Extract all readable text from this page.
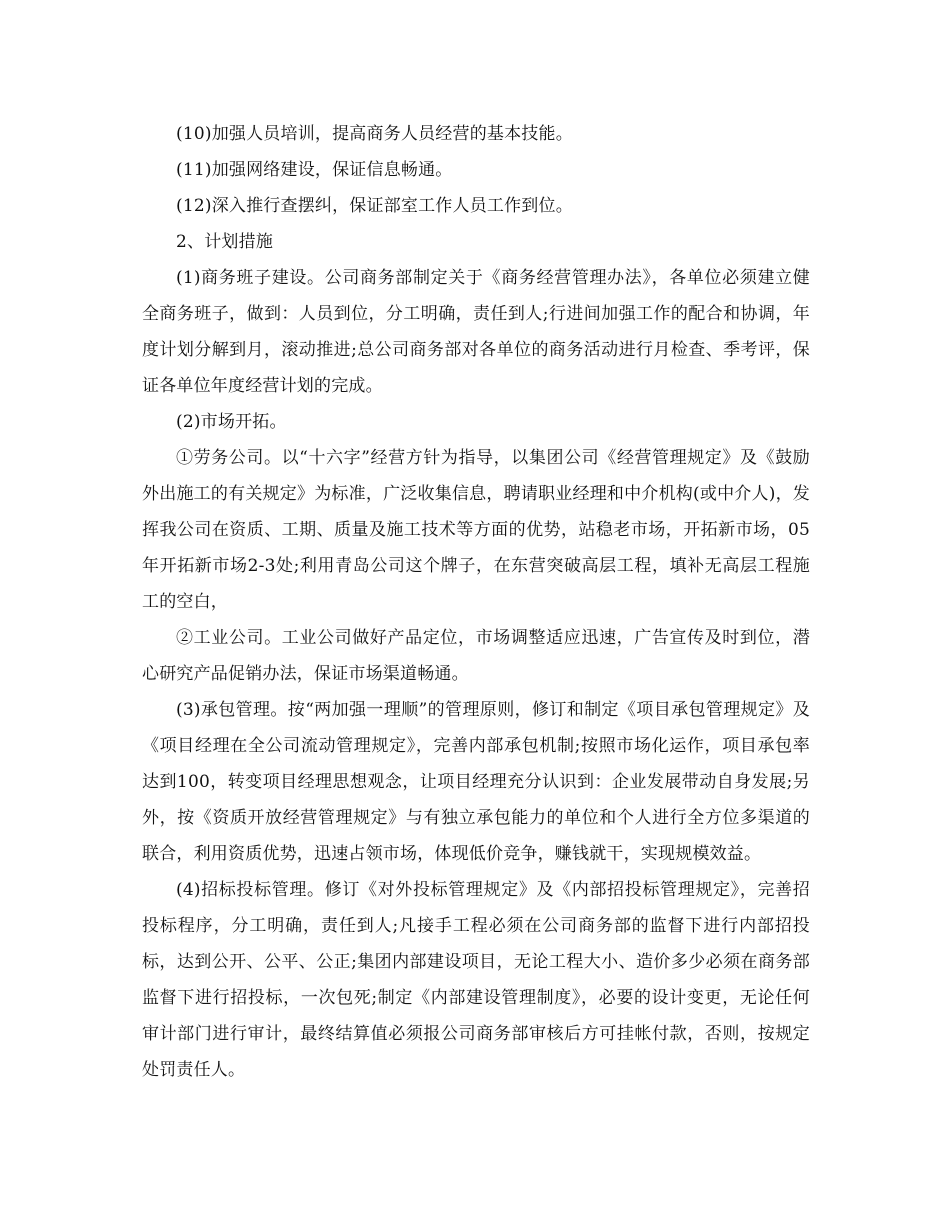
(10)加强人员培训，提高商务人员经营的基本技能。

(11)加强网络建设，保证信息畅通。

(12)深入推行查摆纠，保证部室工作人员工作到位。

2、计划措施

(1)商务班子建设。公司商务部制定关于《商务经营管理办法》，各单位必须建立健全商务班子，做到：人员到位，分工明确，责任到人;行进间加强工作的配合和协调，年度计划分解到月，滚动推进;总公司商务部对各单位的商务活动进行月检查、季考评，保证各单位年度经营计划的完成。

(2)市场开拓。

①劳务公司。以“十六字”经营方针为指导，以集团公司《经营管理规定》及《鼓励外出施工的有关规定》为标准，广泛收集信息，聘请职业经理和中介机构(或中介人)，发挥我公司在资质、工期、质量及施工技术等方面的优势，站稳老市场，开拓新市场，05年开拓新市场2-3处;利用青岛公司这个牌子，在东营突破高层工程，填补无高层工程施工的空白，

②工业公司。工业公司做好产品定位，市场调整适应迅速，广告宣传及时到位，潜心研究产品促销办法，保证市场渠道畅通。

(3)承包管理。按“两加强一理顺”的管理原则，修订和制定《项目承包管理规定》及《项目经理在全公司流动管理规定》，完善内部承包机制;按照市场化运作，项目承包率达到100，转变项目经理思想观念，让项目经理充分认识到：企业发展带动自身发展;另外，按《资质开放经营管理规定》与有独立承包能力的单位和个人进行全方位多渠道的联合，利用资质优势，迅速占领市场，体现低价竞争，赚钱就干，实现规模效益。

(4)招标投标管理。修订《对外投标管理规定》及《内部招投标管理规定》，完善招投标程序，分工明确，责任到人;凡接手工程必须在公司商务部的监督下进行内部招投标，达到公开、公平、公正;集团内部建设项目，无论工程大小、造价多少必须在商务部监督下进行招投标，一次包死;制定《内部建设管理制度》，必要的设计变更，无论任何审计部门进行审计，最终结算值必须报公司商务部审核后方可挂帐付款，否则，按规定处罚责任人。
